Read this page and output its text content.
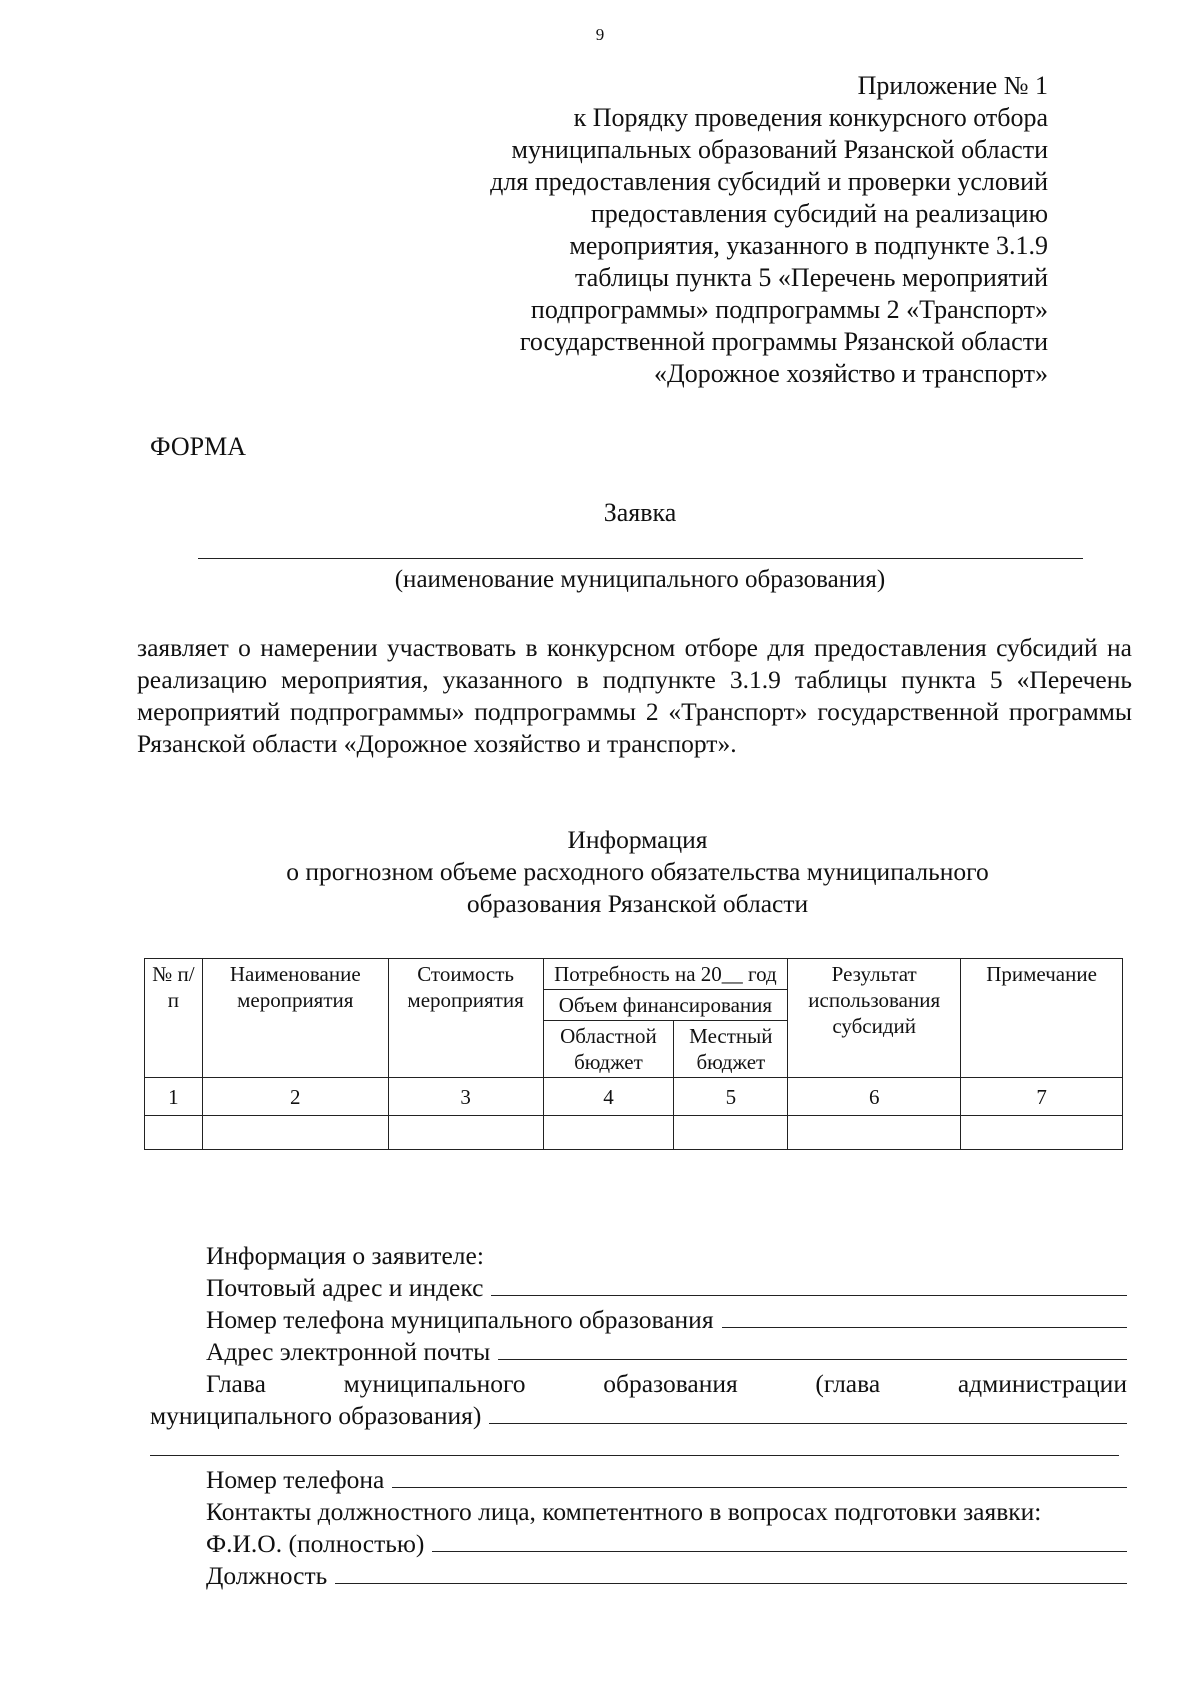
9
Приложение № 1
к Порядку проведения конкурсного отбора
муниципальных образований Рязанской области
для предоставления субсидий и проверки условий
предоставления субсидий на реализацию
мероприятия, указанного в подпункте 3.1.9
таблицы пункта 5 «Перечень мероприятий
подпрограммы» подпрограммы 2 «Транспорт»
государственной программы Рязанской области
«Дорожное хозяйство и транспорт»
ФОРМА
Заявка
(наименование муниципального образования)
заявляет о намерении участвовать в конкурсном отборе для предоставления субсидий на реализацию мероприятия, указанного в подпункте 3.1.9 таблицы пункта 5 «Перечень мероприятий подпрограммы» подпрограммы 2 «Транспорт» государственной программы Рязанской области «Дорожное хозяйство и транспорт».
Информация
о прогнозном объеме расходного обязательства муниципального
образования Рязанской области
№ п/п	Наименование мероприятия	Стоимость мероприятия	Потребность на 20__ год		Результат использования субсидий	Примечание
			Объем финансирования			
			Областной бюджет	Местный бюджет		
1	2	3	4	5	6	7

Информация о заявителе:
Почтовый адрес и индекс
Номер телефона муниципального образования
Адрес электронной почты
Глава	муниципального	образования	(глава	администрации
муниципального образования)
Номер телефона
Контакты должностного лица, компетентного в вопросах подготовки заявки:
Ф.И.О. (полностью)
Должность
